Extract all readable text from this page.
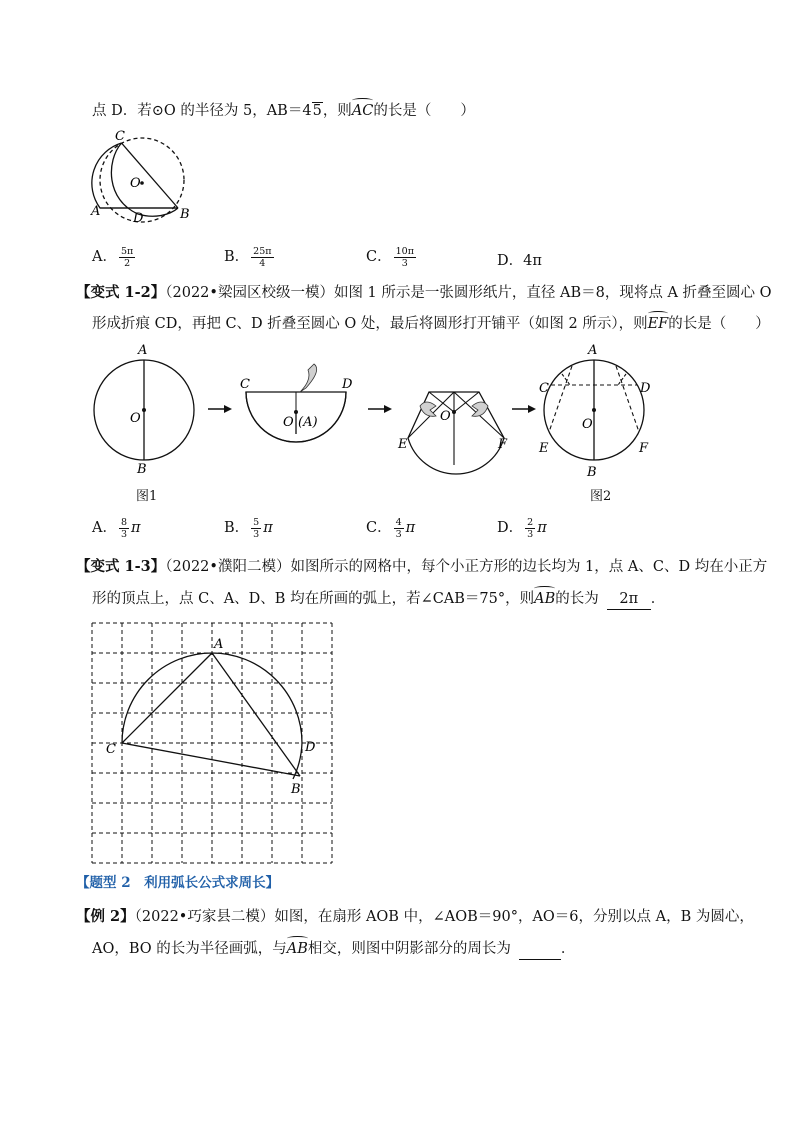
点 D．若⊙O 的半径为 5，AB＝45，则AC的长是（　　）
C
O
A	D	B
A． $\frac{5\pi}{2}$	B． $\frac{25\pi}{4}$	C． $\frac{10\pi}{3}$	D．4π
【变式 1-2】（2022•梁园区校级一模）如图 1 所示是一张圆形纸片，直径 AB＝8，现将点 A 折叠至圆心 O
形成折痕 CD，再把 C、D 折叠至圆心 O 处，最后将圆形打开铺平（如图 2 所示），则EF的长是（　　）
A
O
B
C	D
O (A)
E	F
O
A
C	D
O
E	F
B
图1	图2
A． $\frac{8}{3}$ π	B． $\frac{5}{3}$ π	C． $\frac{4}{3}$ π	D． $\frac{2}{3}$ π
【变式 1-3】（2022•濮阳二模）如图所示的网格中，每个小正方形的边长均为 1，点 A、C、D 均在小正方
形的顶点上，点 C、A、D、B 均在所画的弧上，若∠CAB＝75°，则AB的长为 2π ．
A
C	D
B
【题型 2　利用弧长公式求周长】
【例 2】（2022•巧家县二模）如图，在扇形 AOB 中，∠AOB＝90°，AO＝6，分别以点 A，B 为圆心，
AO，BO 的长为半径画弧，与AB相交，则图中阴影部分的周长为	．
